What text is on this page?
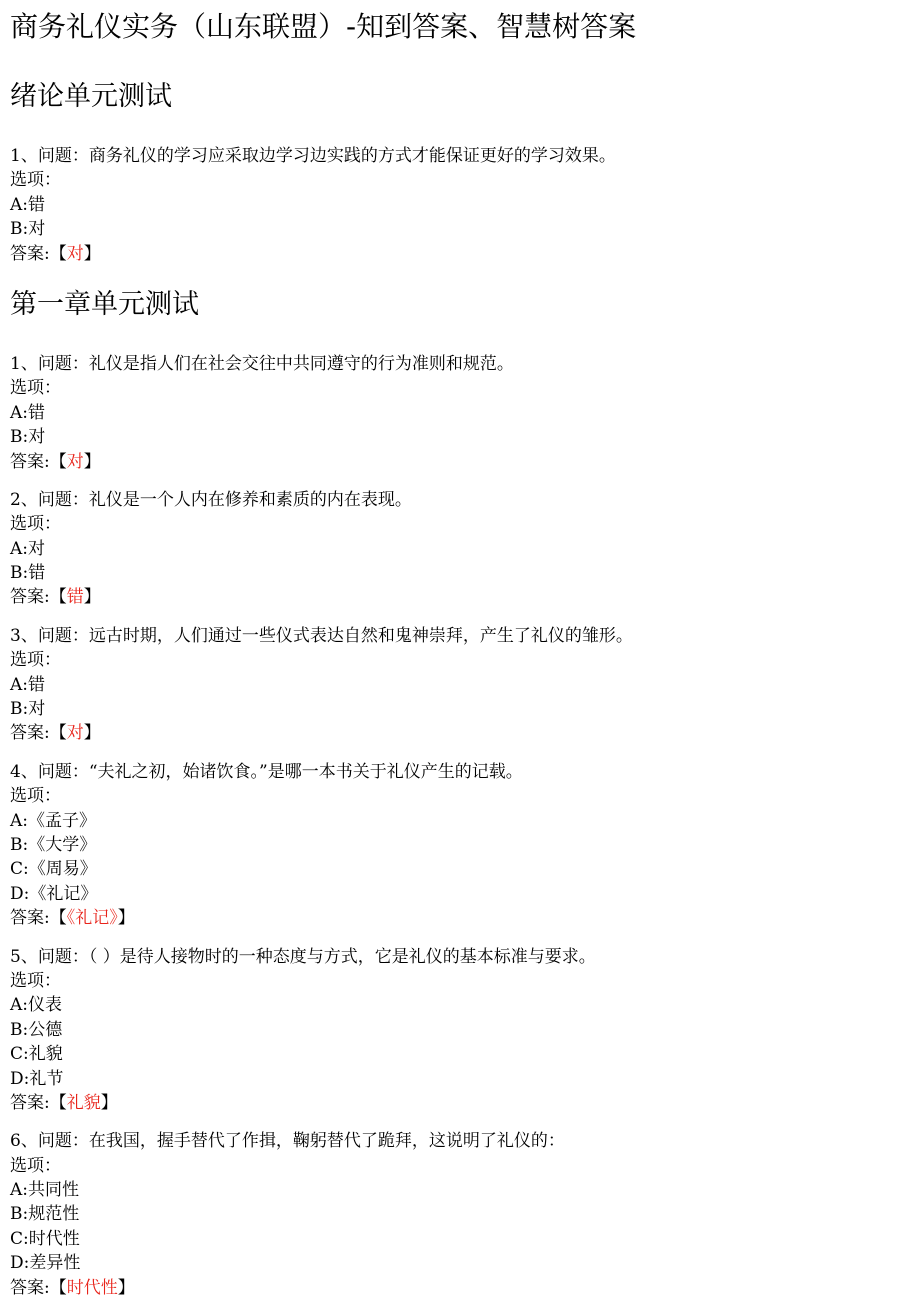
商务礼仪实务（山东联盟）-知到答案、智慧树答案
绪论单元测试
1、问题：商务礼仪的学习应采取边学习边实践的方式才能保证更好的学习效果。
选项：
A:错
B:对
答案:【对】
第一章单元测试
1、问题：礼仪是指人们在社会交往中共同遵守的行为准则和规范。
选项：
A:错
B:对
答案:【对】
2、问题：礼仪是一个人内在修养和素质的内在表现。
选项：
A:对
B:错
答案:【错】
3、问题：远古时期，人们通过一些仪式表达自然和鬼神崇拜，产生了礼仪的雏形。
选项：
A:错
B:对
答案:【对】
4、问题：“夫礼之初，始诸饮食。”是哪一本书关于礼仪产生的记载。
选项：
A:《孟子》
B:《大学》
C:《周易》
D:《礼记》
答案:【《礼记》】
5、问题：（ ）是待人接物时的一种态度与方式，它是礼仪的基本标准与要求。
选项：
A:仪表
B:公德
C:礼貌
D:礼节
答案:【礼貌】
6、问题：在我国，握手替代了作揖，鞠躬替代了跪拜，这说明了礼仪的：
选项：
A:共同性
B:规范性
C:时代性
D:差异性
答案:【时代性】
